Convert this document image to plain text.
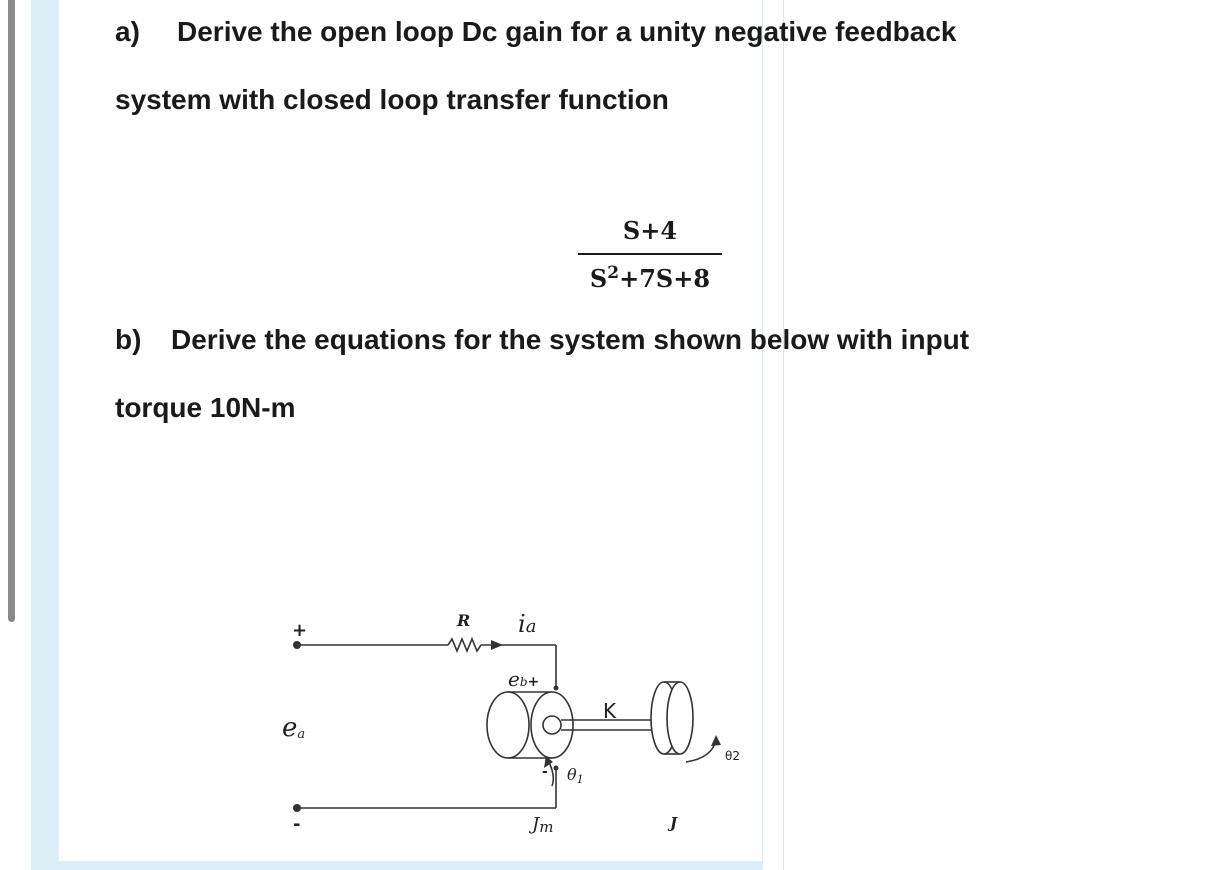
a) Derive the open loop Dc gain for a unity negative feedback

system with closed loop transfer function

S+4
$S^2+7S+8$

b) Derive the equations for the system shown below with input

torque 10N-m

+
-
ea
R ia
eb+
-
K
θ1
θ2
Jm	J
